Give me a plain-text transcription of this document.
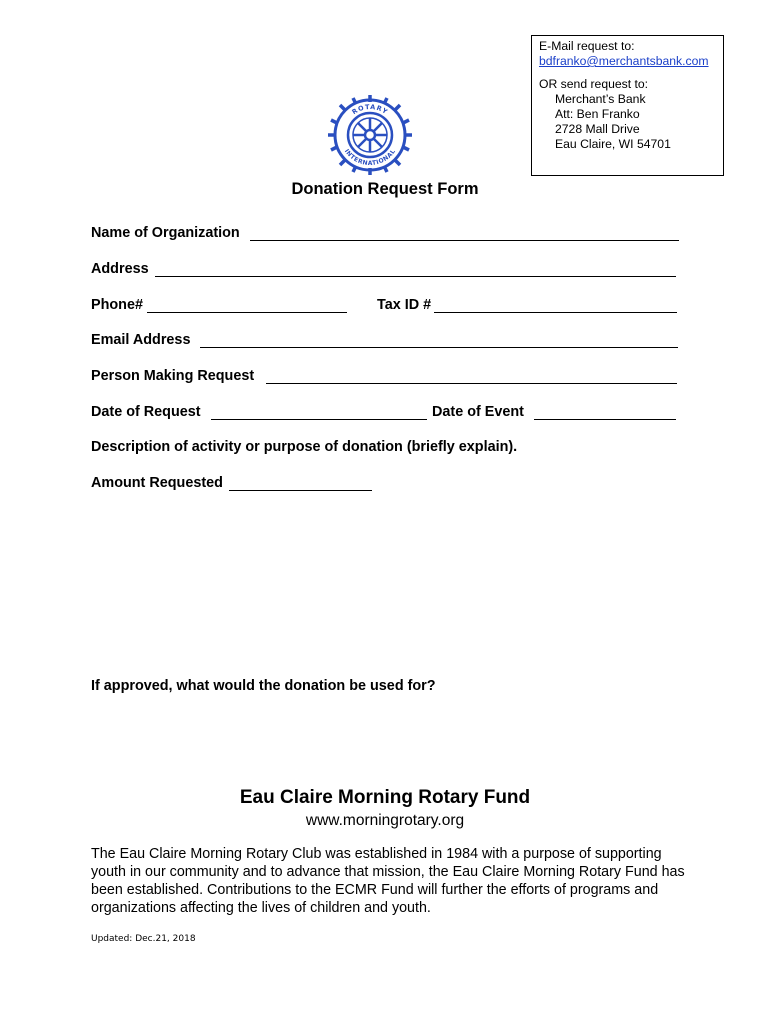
E-Mail request to:
bdfranko@merchantsbank.com
OR send request to:
Merchant’s Bank
Att: Ben Franko
2728 Mall Drive
Eau Claire, WI 54701
ROTARY
INTERNATIONAL
Donation Request Form
Name of Organization
Address
Phone#	Tax ID #
Email Address
Person Making Request
Date of Request	Date of Event
Description of activity or purpose of donation (briefly explain).
Amount Requested
If approved, what would the donation be used for?
Eau Claire Morning Rotary Fund
www.morningrotary.org
The Eau Claire Morning Rotary Club was established in 1984 with a purpose of supporting youth in our community and to advance that mission, the Eau Claire Morning Rotary Fund has been established. Contributions to the ECMR Fund will further the efforts of programs and organizations affecting the lives of children and youth.
Updated: Dec.21, 2018
